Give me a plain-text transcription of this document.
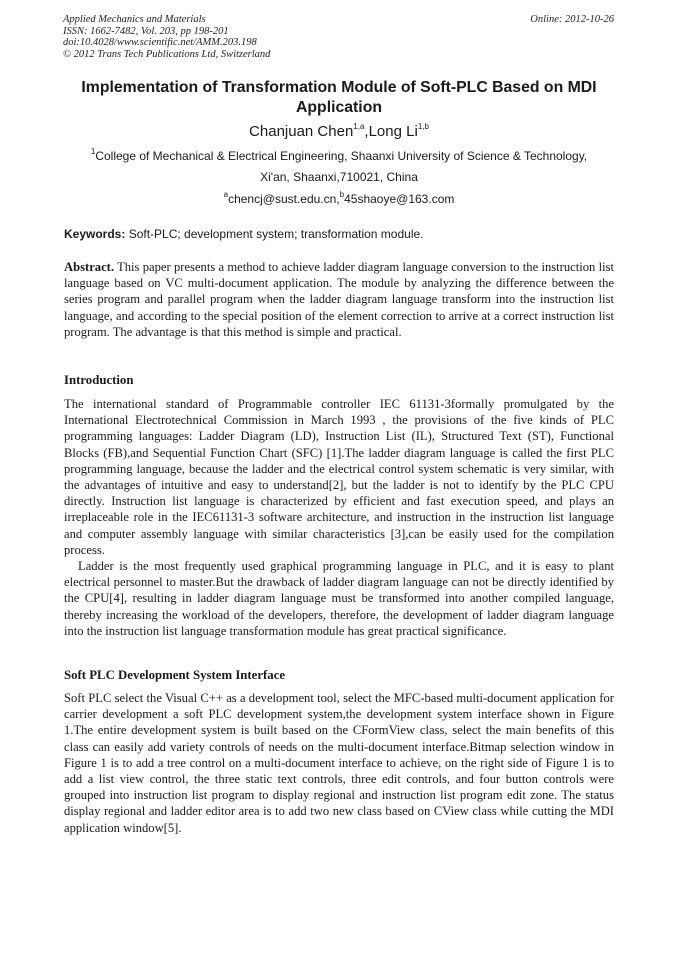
Applied Mechanics and Materials
ISSN: 1662-7482, Vol. 203, pp 198-201
doi:10.4028/www.scientific.net/AMM.203.198
© 2012 Trans Tech Publications Ltd, Switzerland
Online: 2012-10-26
Implementation of Transformation Module of Soft-PLC Based on MDI Application
Chanjuan Chen$^{1,a}$,Long Li$^{1,b}$
$^1$College of Mechanical & Electrical Engineering, Shaanxi University of Science & Technology,
Xi'an, Shaanxi,710021, China
$^a$chencj@sust.edu.cn,$^b$45shaoye@163.com
Keywords: Soft-PLC; development system; transformation module.

Abstract. This paper presents a method to achieve ladder diagram language conversion to the instruction list language based on VC multi-document application. The module by analyzing the difference between the series program and parallel program when the ladder diagram language transform into the instruction list language, and according to the special position of the element correction to arrive at a correct instruction list program. The advantage is that this method is simple and practical.

Introduction

The international standard of Programmable controller IEC 61131-3formally promulgated by the International Electrotechnical Commission in March 1993 , the provisions of the five kinds of PLC programming languages: Ladder Diagram (LD), Instruction List (IL), Structured Text (ST), Functional Blocks (FB),and Sequential Function Chart (SFC) [1].The ladder diagram language is called the first PLC programming language, because the ladder and the electrical control system schematic is very similar, with the advantages of intuitive and easy to understand[2], but the ladder is not to identify by the PLC CPU directly. Instruction list language is characterized by efficient and fast execution speed, and plays an irreplaceable role in the IEC61131-3 software architecture, and instruction in the instruction list language and computer assembly language with similar characteristics [3],can be easily used for the compilation process.

Ladder is the most frequently used graphical programming language in PLC, and it is easy to plant electrical personnel to master.But the drawback of ladder diagram language can not be directly identified by the CPU[4], resulting in ladder diagram language must be transformed into another compiled language, thereby increasing the workload of the developers, therefore, the development of ladder diagram language into the instruction list language transformation module has great practical significance.

Soft PLC Development System Interface

Soft PLC select the Visual C++ as a development tool, select the MFC-based multi-document application for carrier development a soft PLC development system,the development system interface shown in Figure 1.The entire development system is built based on the CFormView class, select the main benefits of this class can easily add variety controls of needs on the multi-document interface.Bitmap selection window in Figure 1 is to add a tree control on a multi-document interface to achieve, on the right side of Figure 1 is to add a list view control, the three static text controls, three edit controls, and four button controls were grouped into instruction list program to display regional and instruction list program edit zone. The status display regional and ladder editor area is to add two new class based on CView class while cutting the MDI application window[5].
